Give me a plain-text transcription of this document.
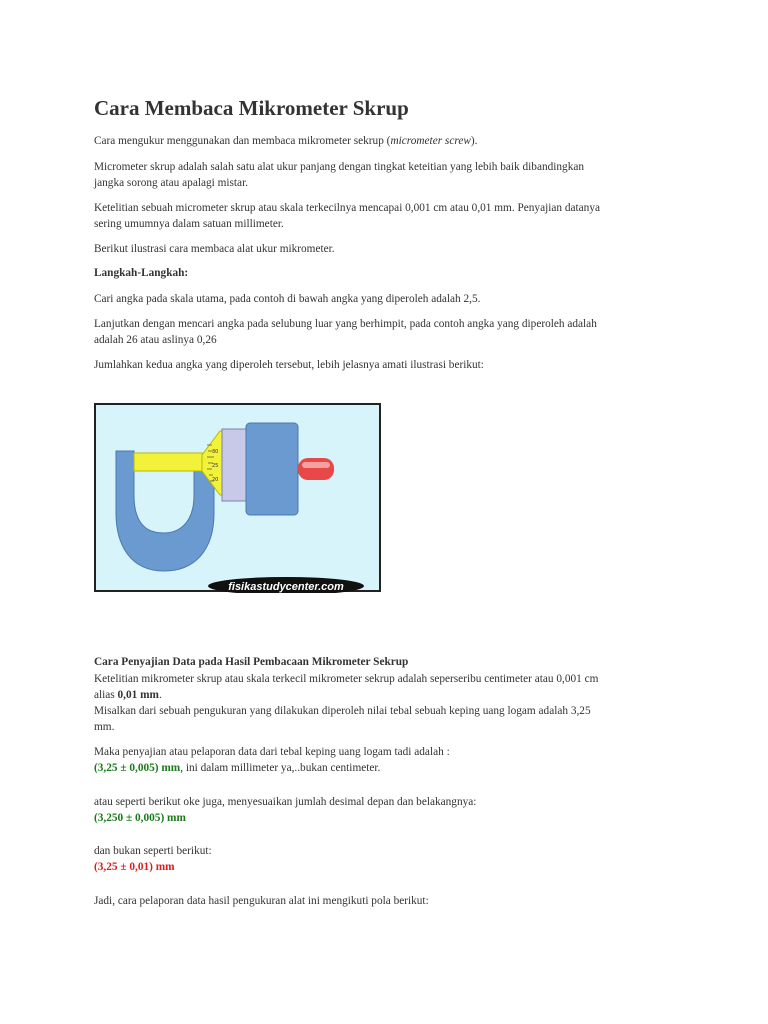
Cara Membaca Mikrometer Skrup

Cara mengukur menggunakan dan membaca mikrometer sekrup (micrometer screw).

Micrometer skrup adalah salah satu alat ukur panjang dengan tingkat keteitian yang lebih baik dibandingkan
jangka sorong atau apalagi mistar.

Ketelitian sebuah micrometer skrup atau skala terkecilnya mencapai 0,001 cm atau 0,01 mm. Penyajian datanya
sering umumnya dalam satuan millimeter.

Berikut ilustrasi cara membaca alat ukur mikrometer.

Langkah-Langkah:

Cari angka pada skala utama, pada contoh di bawah angka yang diperoleh adalah 2,5.

Lanjutkan dengan mencari angka pada selubung luar yang berhimpit, pada contoh angka yang diperoleh adalah
adalah 26 atau aslinya 0,26

Jumlahkan kedua angka yang diperoleh tersebut, lebih jelasnya amati ilustrasi berikut:

30
25
20
fisikastudycenter.com

Cara Penyajian Data pada Hasil Pembacaan Mikrometer Sekrup

Ketelitian mikrometer skrup atau skala terkecil mikrometer sekrup adalah seperseribu centimeter atau 0,001 cm
alias 0,01 mm.

Misalkan dari sebuah pengukuran yang dilakukan diperoleh nilai tebal sebuah keping uang logam adalah 3,25
mm.

Maka penyajian atau pelaporan data dari tebal keping uang logam tadi adalah :
(3,25 ± 0,005) mm, ini dalam millimeter ya,..bukan centimeter.

atau seperti berikut oke juga, menyesuaikan jumlah desimal depan dan belakangnya:
(3,250 ± 0,005) mm

dan bukan seperti berikut:
(3,25 ± 0,01) mm

Jadi, cara pelaporan data hasil pengukuran alat ini mengikuti pola berikut:
